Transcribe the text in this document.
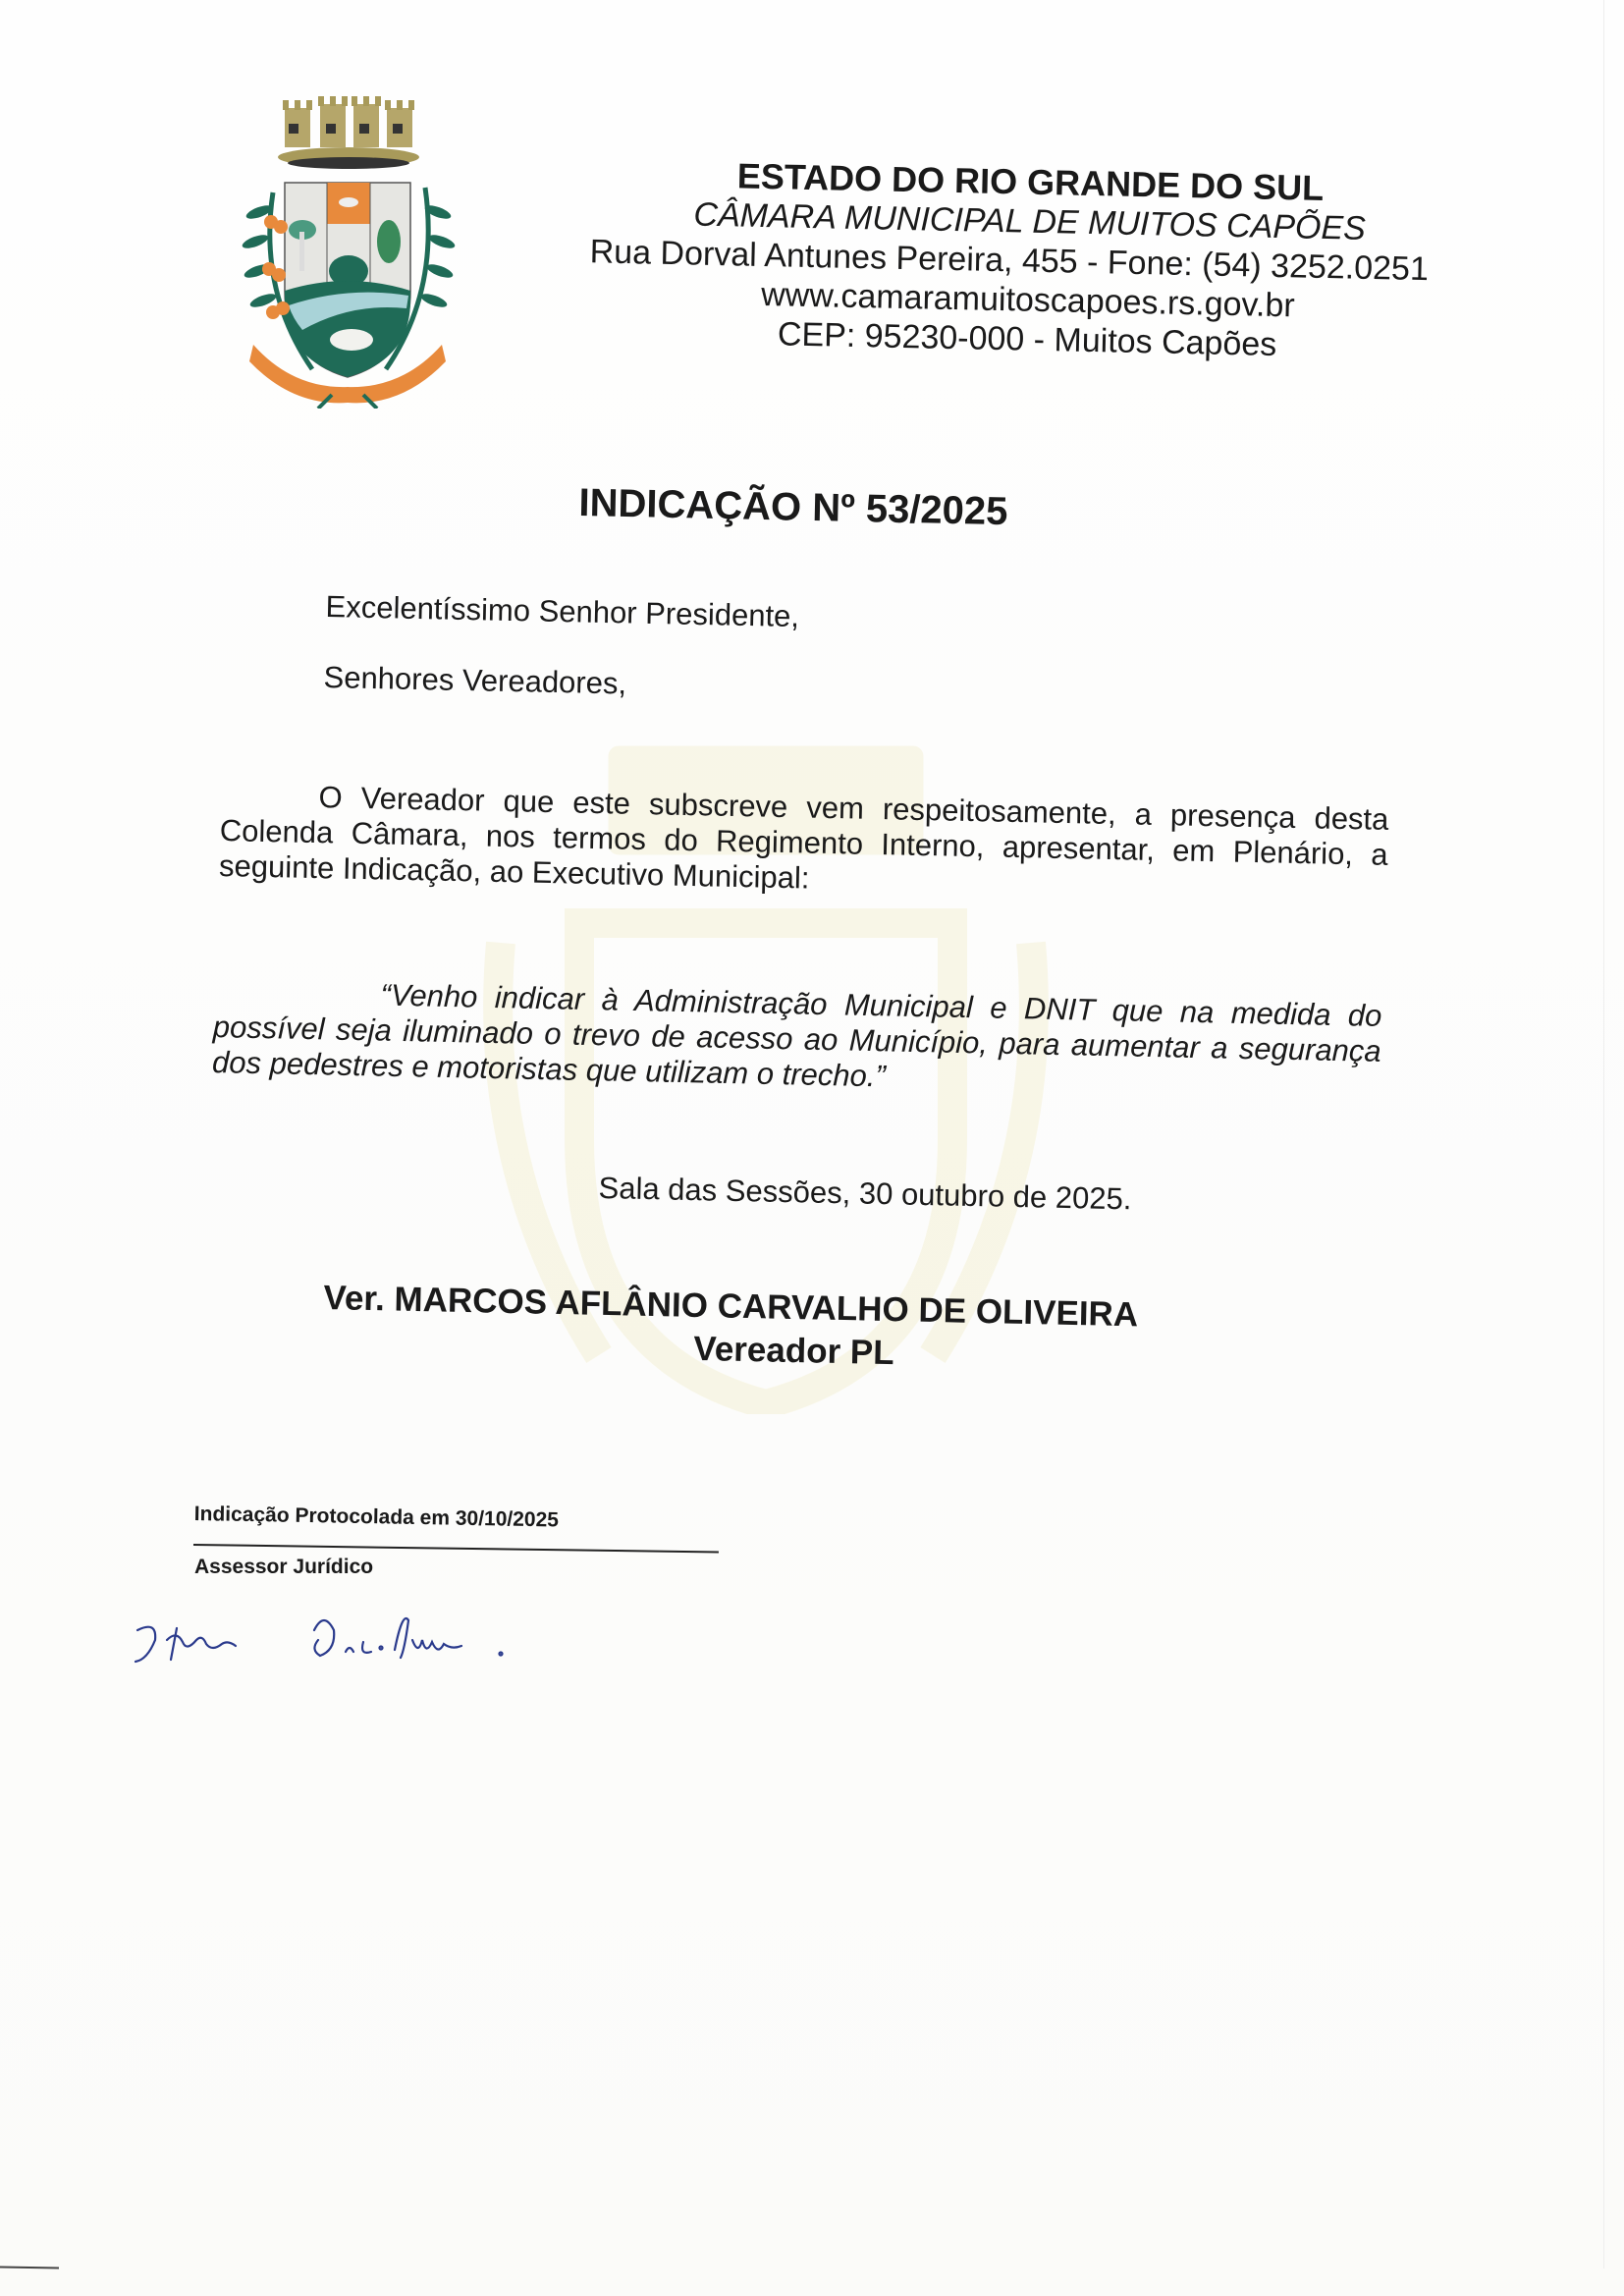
ESTADO DO RIO GRANDE DO SUL
CÂMARA MUNICIPAL DE MUITOS CAPÕES
Rua Dorval Antunes Pereira, 455 - Fone: (54) 3252.0251
www.camaramuitoscapoes.rs.gov.br
CEP: 95230-000 - Muitos Capões
INDICAÇÃO Nº 53/2025
Excelentíssimo Senhor Presidente,
Senhores Vereadores,
O Vereador que este subscreve vem respeitosamente, a presença desta Colenda Câmara, nos termos do Regimento Interno, apresentar, em Plenário, a seguinte Indicação, ao Executivo Municipal:
“Venho indicar à Administração Municipal e DNIT que na medida do possível seja iluminado o trevo de acesso ao Município, para aumentar a segurança dos pedestres e motoristas que utilizam o trecho.”
Sala das Sessões, 30 outubro de 2025.
Ver. MARCOS AFLÂNIO CARVALHO DE OLIVEIRA
Vereador PL
Indicação Protocolada em 30/10/2025
Assessor Jurídico
